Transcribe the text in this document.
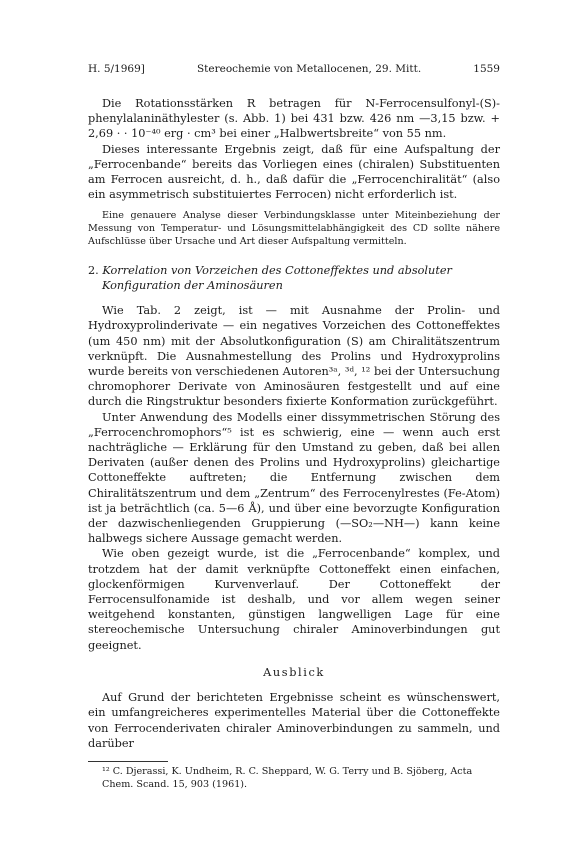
H. 5/1969]	Stereochemie von Metallocenen, 29. Mitt.	1559

Die Rotationsstärken R betragen für N-Ferrocensulfonyl-(S)-phenylalaninäthylester (s. Abb. 1) bei 431 bzw. 426 nm —3,15 bzw. + 2,69 · · 10⁻⁴⁰ erg · cm³ bei einer „Halbwertsbreite“ von 55 nm.

Dieses interessante Ergebnis zeigt, daß für eine Aufspaltung der „Ferrocenbande“ bereits das Vorliegen eines (chiralen) Substituenten am Ferrocen ausreicht, d. h., daß dafür die „Ferrocenchiralität“ (also ein asymmetrisch substituiertes Ferrocen) nicht erforderlich ist.

Eine genauere Analyse dieser Verbindungsklasse unter Miteinbeziehung der Messung von Temperatur- und Lösungsmittelabhängigkeit des CD sollte nähere Aufschlüsse über Ursache und Art dieser Aufspaltung vermitteln.

2. Korrelation von Vorzeichen des Cottoneffektes und absoluter Konfiguration der Aminosäuren

Wie Tab. 2 zeigt, ist — mit Ausnahme der Prolin- und Hydroxyprolinderivate — ein negatives Vorzeichen des Cottoneffektes (um 450 nm) mit der Absolutkonfiguration (S) am Chiralitätszentrum verknüpft. Die Ausnahmestellung des Prolins und Hydroxyprolins wurde bereits von verschiedenen Autoren³ᵃ, ³ᵈ, ¹² bei der Untersuchung chromophorer Derivate von Aminosäuren festgestellt und auf eine durch die Ringstruktur besonders fixierte Konformation zurückgeführt.

Unter Anwendung des Modells einer dissymmetrischen Störung des „Ferrocenchromophors“⁵ ist es schwierig, eine — wenn auch erst nachträgliche — Erklärung für den Umstand zu geben, daß bei allen Derivaten (außer denen des Prolins und Hydroxyprolins) gleichartige Cottoneffekte auftreten; die Entfernung zwischen dem Chiralitätszentrum und dem „Zentrum“ des Ferrocenylrestes (Fe-Atom) ist ja beträchtlich (ca. 5—6 Å), und über eine bevorzugte Konfiguration der dazwischenliegenden Gruppierung (—SO₂—NH—) kann keine halbwegs sichere Aussage gemacht werden.

Wie oben gezeigt wurde, ist die „Ferrocenbande“ komplex, und trotzdem hat der damit verknüpfte Cottoneffekt einen einfachen, glockenförmigen Kurvenverlauf. Der Cottoneffekt der Ferrocensulfonamide ist deshalb, und vor allem wegen seiner weitgehend konstanten, günstigen langwelligen Lage für eine stereochemische Untersuchung chiraler Aminoverbindungen gut geeignet.

Ausblick

Auf Grund der berichteten Ergebnisse scheint es wünschenswert, ein umfangreicheres experimentelles Material über die Cottoneffekte von Ferrocenderivaten chiraler Aminoverbindungen zu sammeln, und darüber

¹² C. Djerassi, K. Undheim, R. C. Sheppard, W. G. Terry und B. Sjöberg, Acta Chem. Scand. 15, 903 (1961).
